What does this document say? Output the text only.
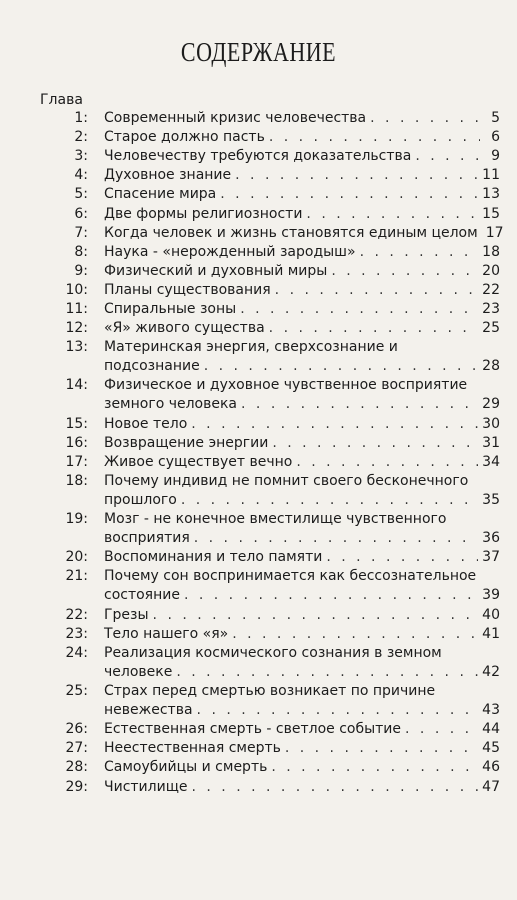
СОДЕРЖАНИЕ
Глава
1: Современный кризис человечества . . .	5
2: Старое должно пасть . . .	6
3: Человечеству требуются доказательства . . .	9
4: Духовное знание . . .	11
5: Спасение мира . . .	13
6: Две формы религиозности . . .	15
7: Когда человек и жизнь становятся единым целом 17
8: Наука - «нерожденный зародыш» . . .	18
9: Физический и духовный миры . . .	20
10: Планы существования . . .	22
11: Спиральные зоны . . .	23
12: «Я» живого существа . . .	25
13: Материнская энергия, сверхсознание и
подсознание . . .	28
14: Физическое и духовное чувственное восприятие
земного человека . . .	29
15: Новое тело . . .	30
16: Возвращение энергии . . .	31
17: Живое существует вечно . . .	34
18: Почему индивид не помнит своего бесконечного
прошлого . . .	35
19: Мозг - не конечное вместилище чувственного
восприятия . . .	36
20: Воспоминания и тело памяти . . .	37
21: Почему сон воспринимается как бессознательное
состояние . . .	39
22: Грезы . . .	40
23: Тело нашего «я» . . .	41
24: Реализация космического сознания в земном
человеке . . .	42
25: Страх перед смертью возникает по причине
невежества . . .	43
26: Естественная смерть - светлое событие . . .	44
27: Неестественная смерть . . .	45
28: Самоубийцы и смерть . . .	46
29: Чистилище . . .	47
